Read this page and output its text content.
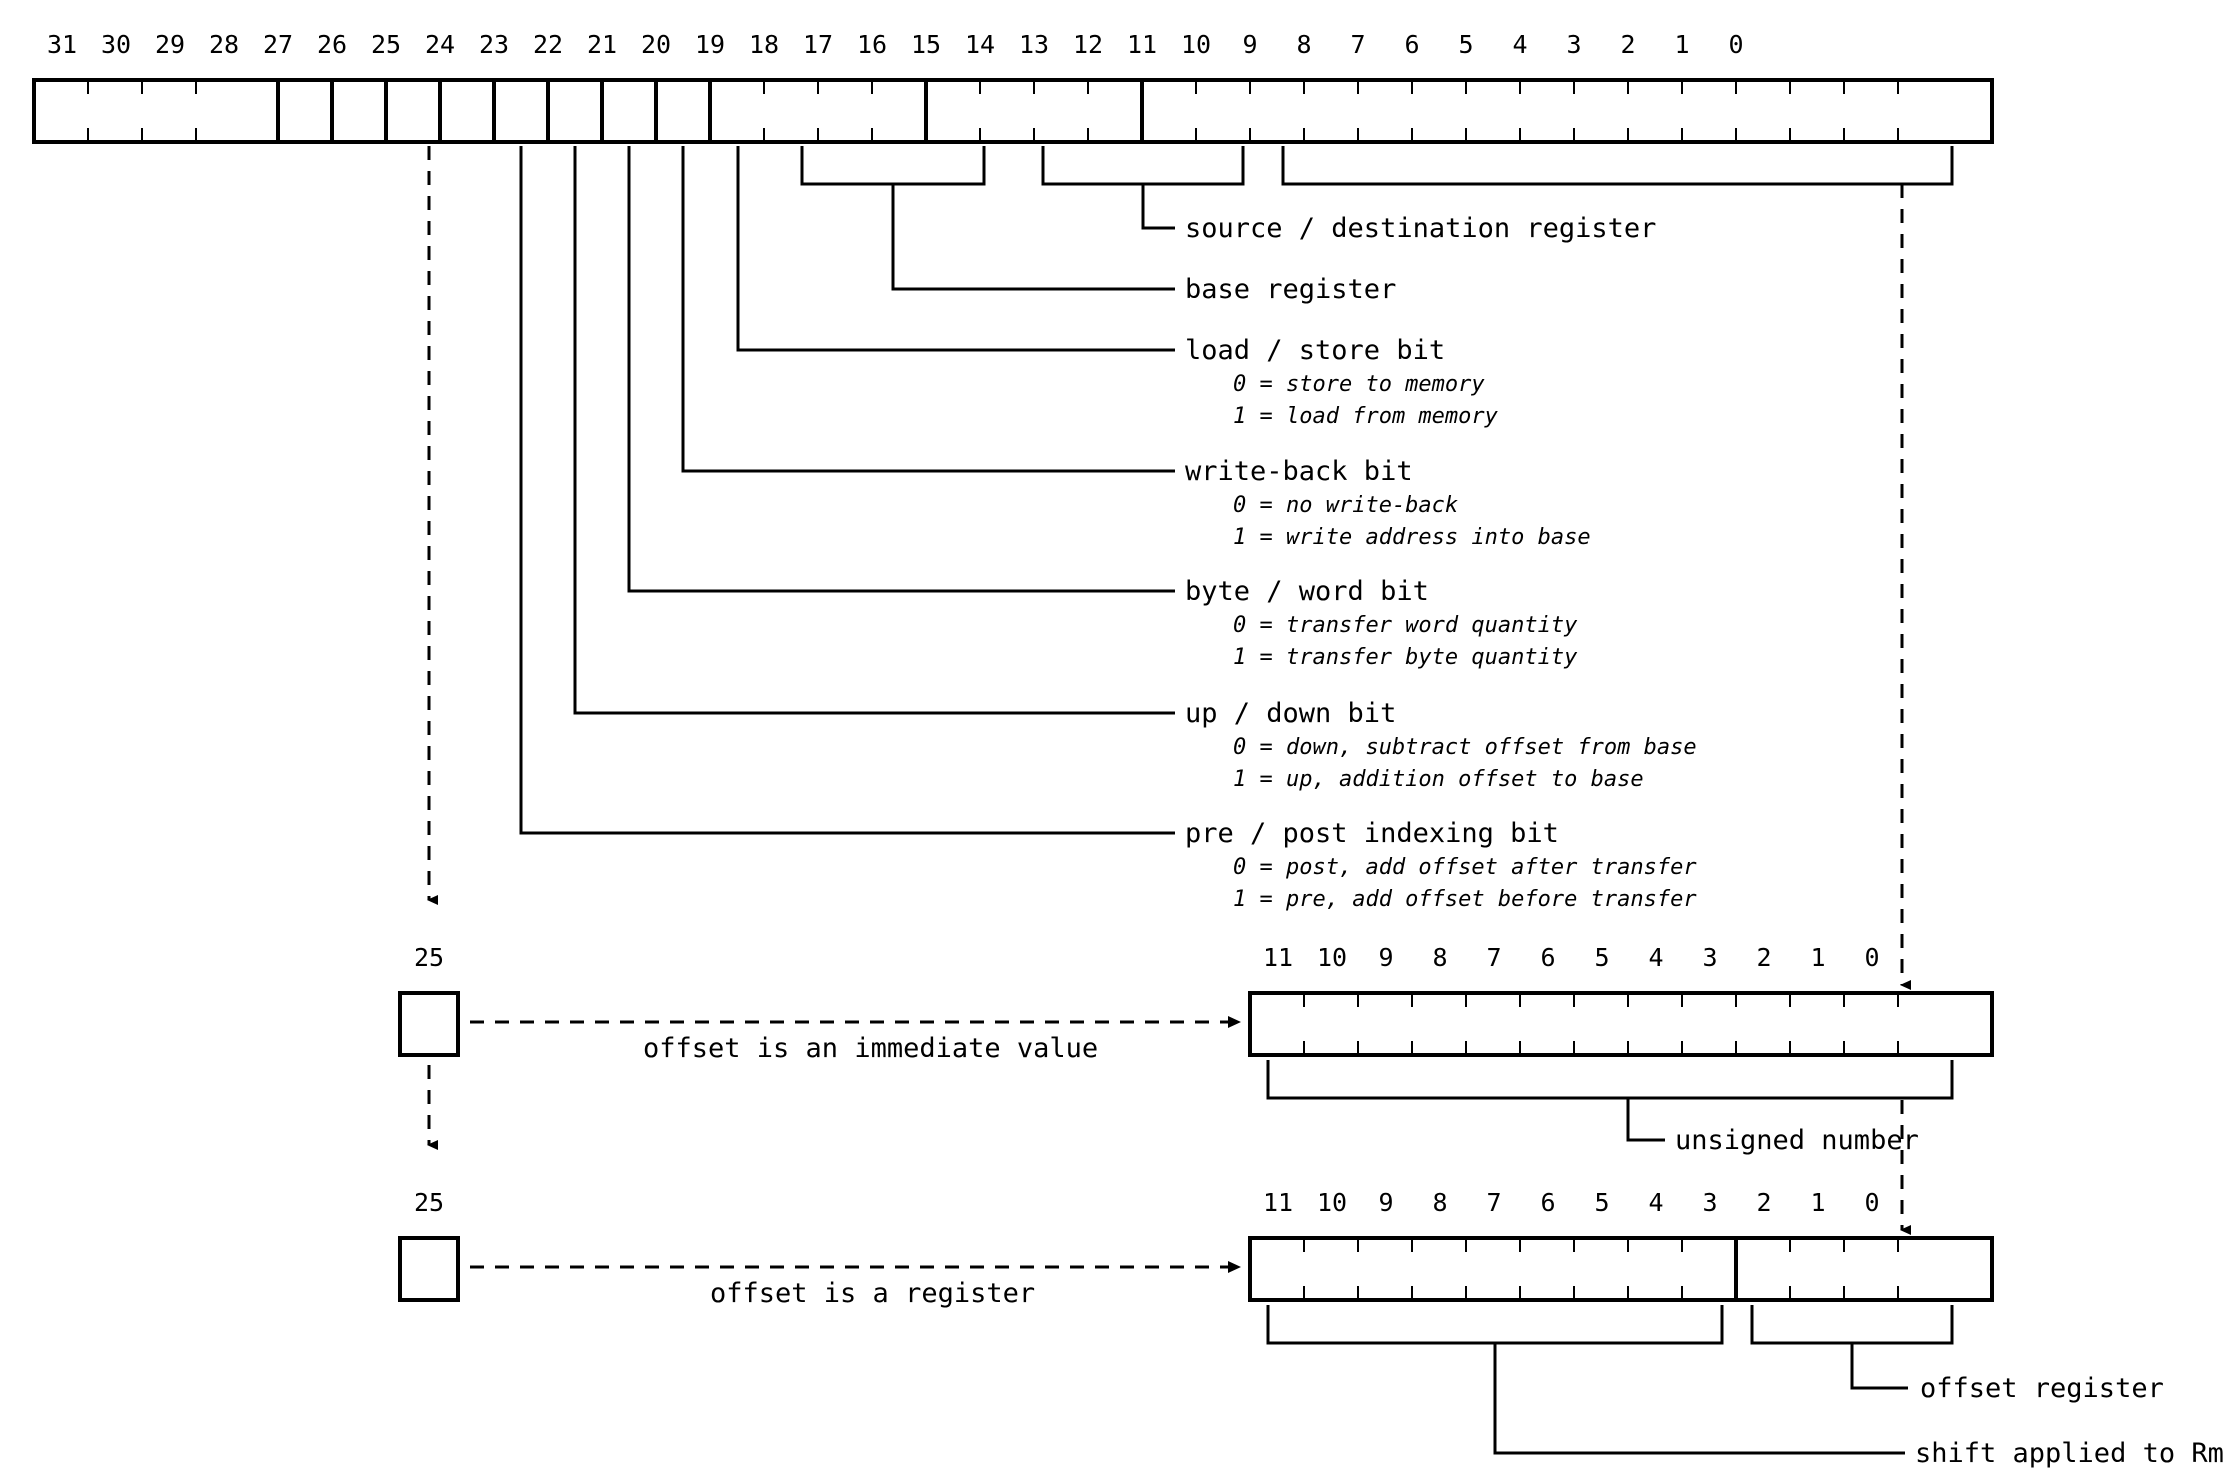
31 30 29 28 27 26 25 24 23 22 21 20 19 18 17 16 15 14 13 12 11 10	9	8	7	6	5	4	3	2	1	0
source / destination register
base register
load / store bit
0 = store to memory
1 = load from memory
write-back bit
0 = no write-back
1 = write address into base
byte / word bit
0 = transfer word quantity
1 = transfer byte quantity
up / down bit
0 = down, subtract offset from base
1 = up, addition offset to base
pre / post indexing bit
0 = post, add offset after transfer
1 = pre, add offset before transfer
25
offset is an immediate value
11 10	9	8	7	6	5	4	3	2	1	0
unsigned number
25
offset is a register
11 10	9	8	7	6	5	4	3	2	1	0
offset register
shift applied to Rm
